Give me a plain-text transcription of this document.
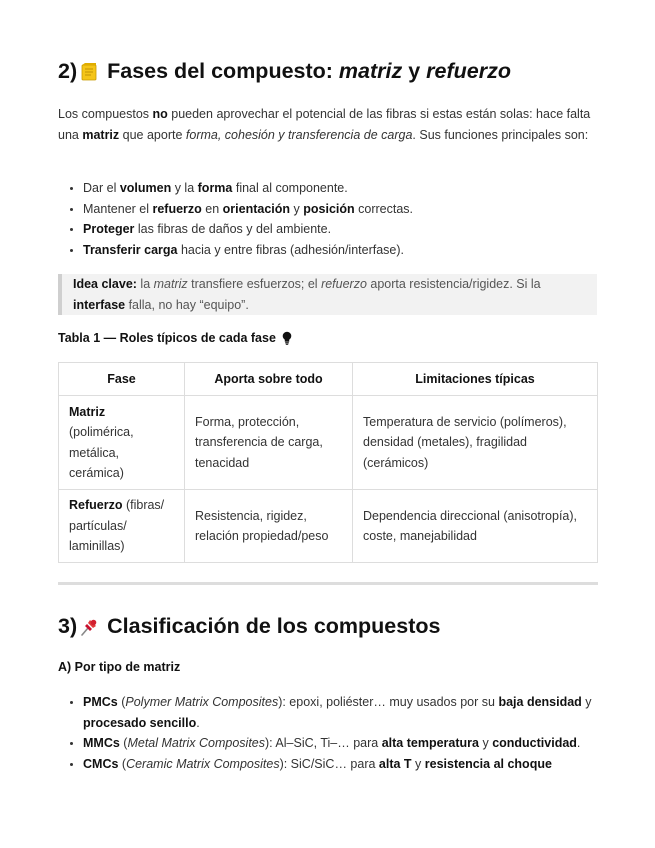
2) Fases del compuesto: matriz y refuerzo

Los compuestos no pueden aprovechar el potencial de las fibras si estas están solas: hace falta una matriz que aporte forma, cohesión y transferencia de carga. Sus funciones principales son:

Dar el volumen y la forma final al componente.
Mantener el refuerzo en orientación y posición correctas.
Proteger las fibras de daños y del ambiente.
Transferir carga hacia y entre fibras (adhesión/interfase).

Idea clave: la matriz transfiere esfuerzos; el refuerzo aporta resistencia/rigidez. Si la interfase falla, no hay “equipo”.

Tabla 1 — Roles típicos de cada fase
Fase	Aporta sobre todo	Limitaciones típicas
Matriz
(polimérica, metálica, cerámica)	Forma, protección, transferencia de carga, tenacidad	Temperatura de servicio (polímeros), densidad (metales), fragilidad (cerámicos)
Refuerzo (fibras/ partículas/ laminillas)	Resistencia, rigidez, relación propiedad/peso	Dependencia direccional (anisotropía), coste, manejabilidad
3) Clasificación de los compuestos
A) Por tipo de matriz
PMCs (Polymer Matrix Composites): epoxi, poliéster… muy usados por su baja densidad y procesado sencillo.
MMCs (Metal Matrix Composites): Al–SiC, Ti–… para alta temperatura y conductividad.
CMCs (Ceramic Matrix Composites): SiC/SiC… para alta T y resistencia al choque
